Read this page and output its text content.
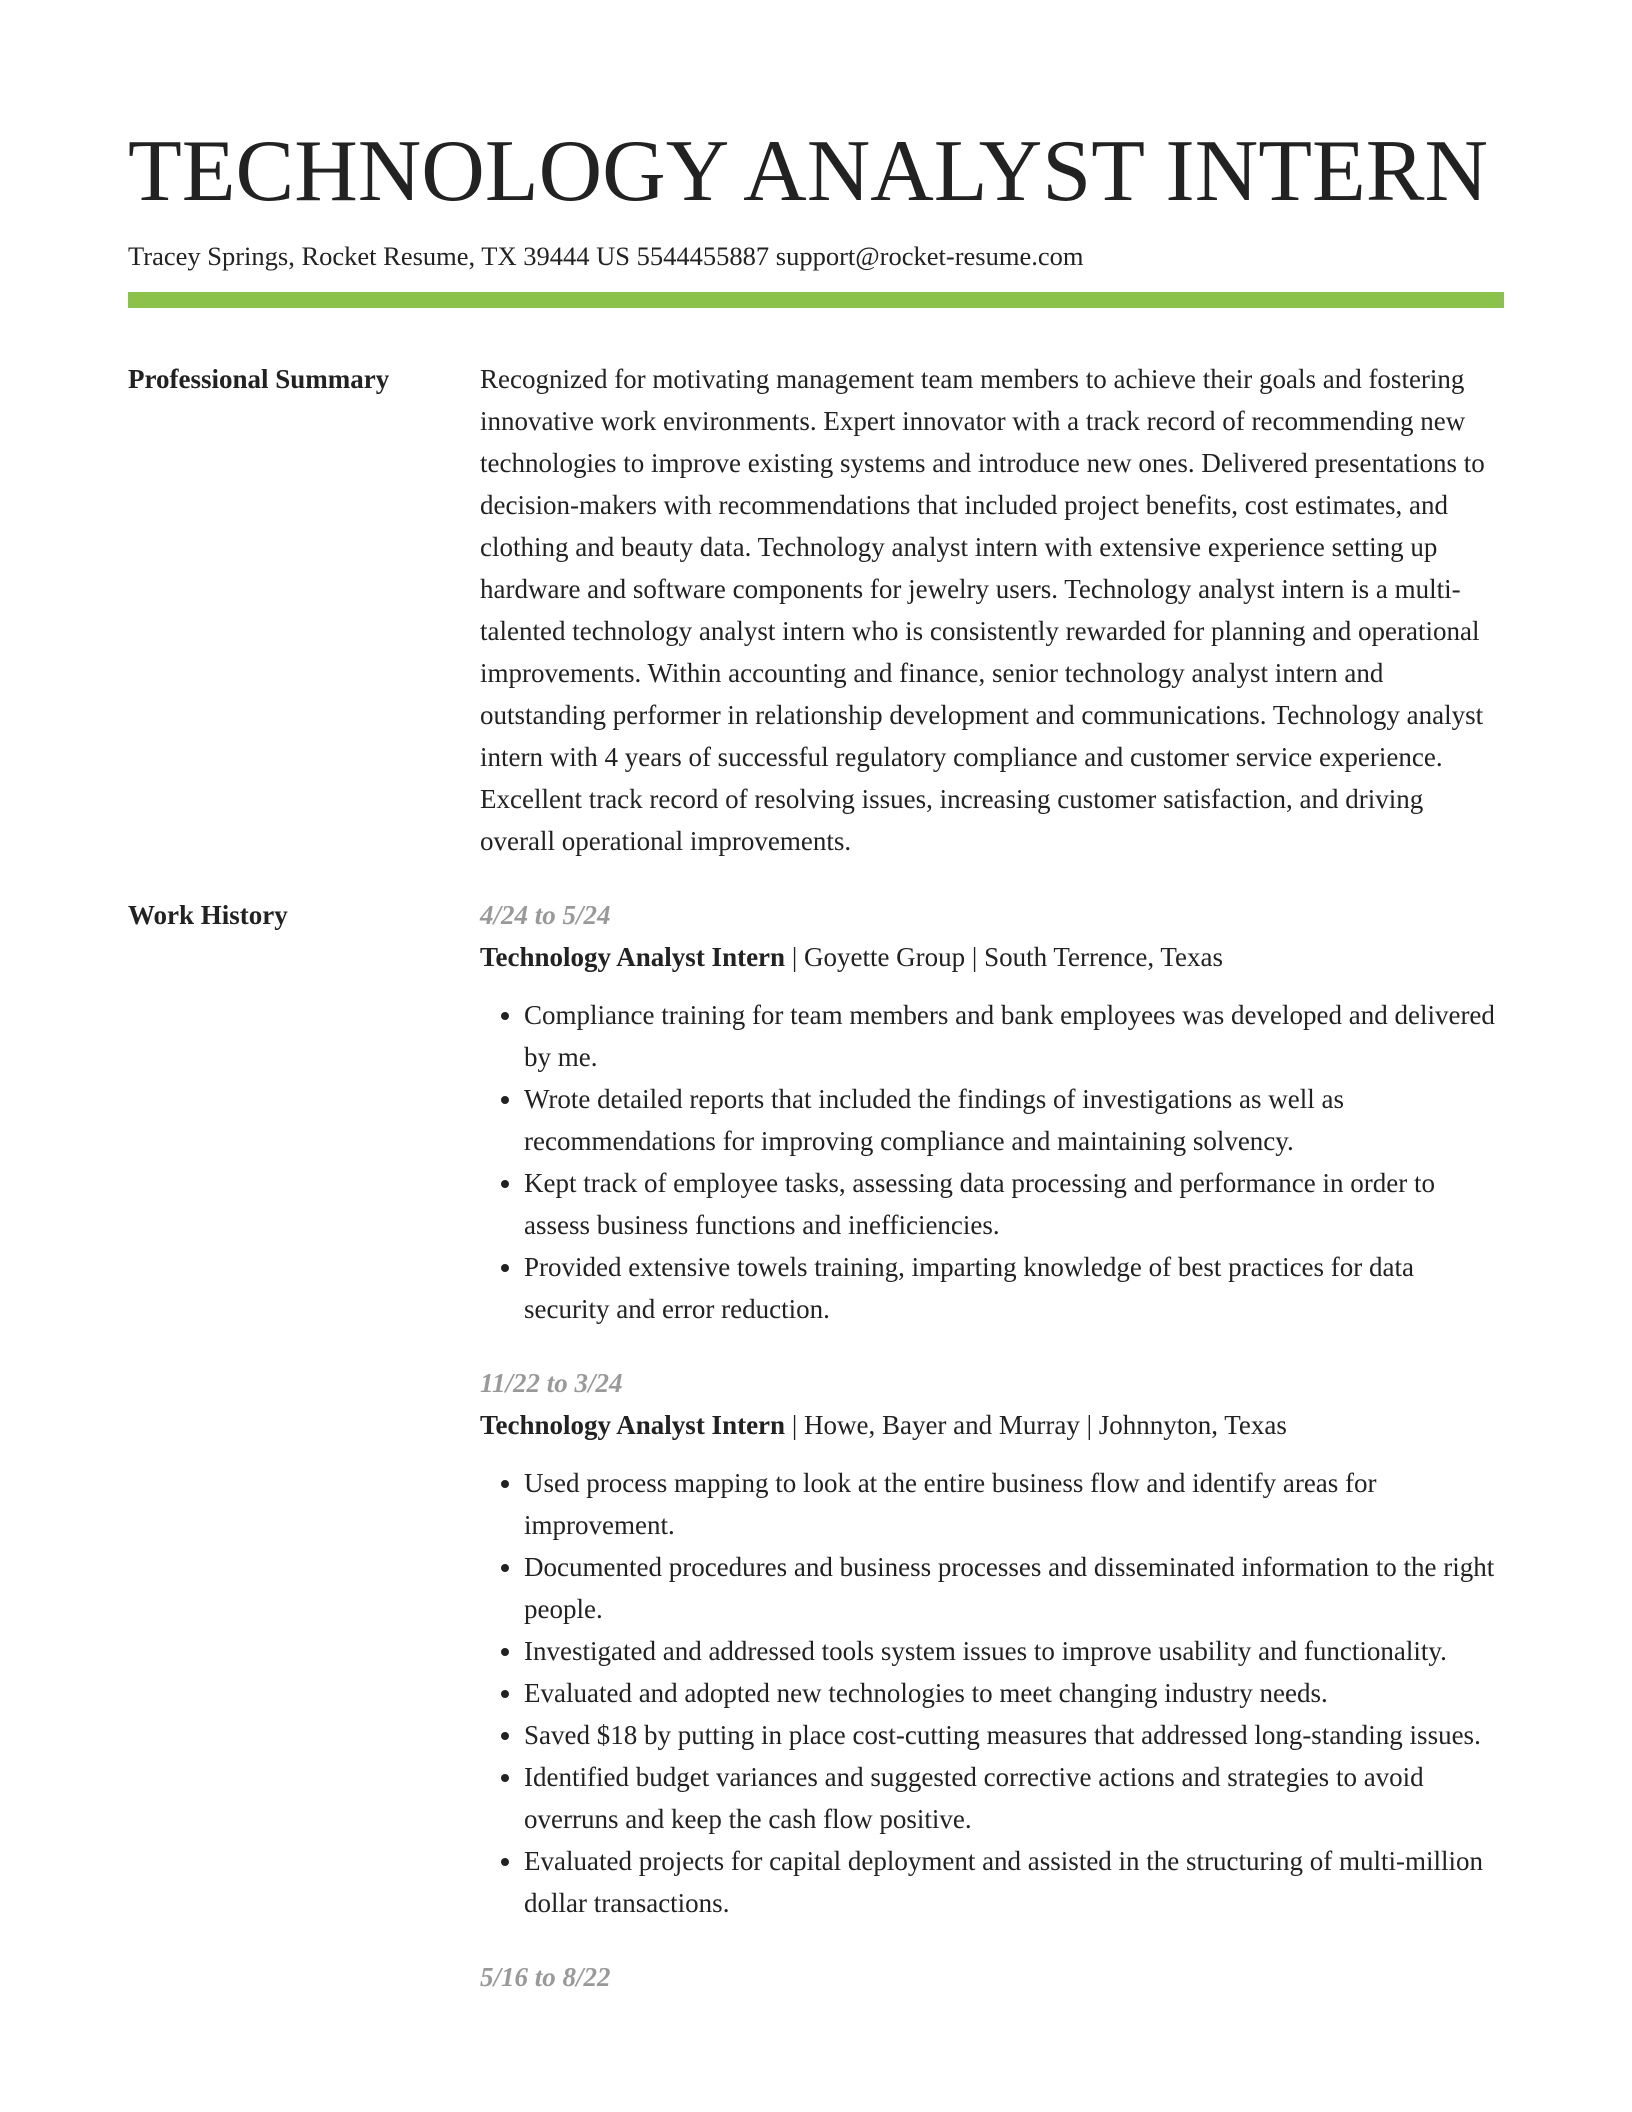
TECHNOLOGY ANALYST INTERN
Tracey Springs, Rocket Resume, TX 39444 US 5544455887 support@rocket-resume.com
Professional Summary	Recognized for motivating management team members to achieve their goals and fostering innovative work environments. Expert innovator with a track record of recommending new technologies to improve existing systems and introduce new ones. Delivered presentations to decision-makers with recommendations that included project benefits, cost estimates, and clothing and beauty data. Technology analyst intern with extensive experience setting up hardware and software components for jewelry users. Technology analyst intern is a multi-talented technology analyst intern who is consistently rewarded for planning and operational improvements. Within accounting and finance, senior technology analyst intern and outstanding performer in relationship development and communications. Technology analyst intern with 4 years of successful regulatory compliance and customer service experience. Excellent track record of resolving issues, increasing customer satisfaction, and driving overall operational improvements.

Work History	4/24 to 5/24
Technology Analyst Intern | Goyette Group | South Terrence, Texas
• Compliance training for team members and bank employees was developed and delivered by me.
• Wrote detailed reports that included the findings of investigations as well as recommendations for improving compliance and maintaining solvency.
• Kept track of employee tasks, assessing data processing and performance in order to assess business functions and inefficiencies.
• Provided extensive towels training, imparting knowledge of best practices for data security and error reduction.
11/22 to 3/24
Technology Analyst Intern | Howe, Bayer and Murray | Johnnyton, Texas
• Used process mapping to look at the entire business flow and identify areas for improvement.
• Documented procedures and business processes and disseminated information to the right people.
• Investigated and addressed tools system issues to improve usability and functionality.
• Evaluated and adopted new technologies to meet changing industry needs.
• Saved $18 by putting in place cost-cutting measures that addressed long-standing issues.
• Identified budget variances and suggested corrective actions and strategies to avoid overruns and keep the cash flow positive.
• Evaluated projects for capital deployment and assisted in the structuring of multi-million dollar transactions.
5/16 to 8/22
